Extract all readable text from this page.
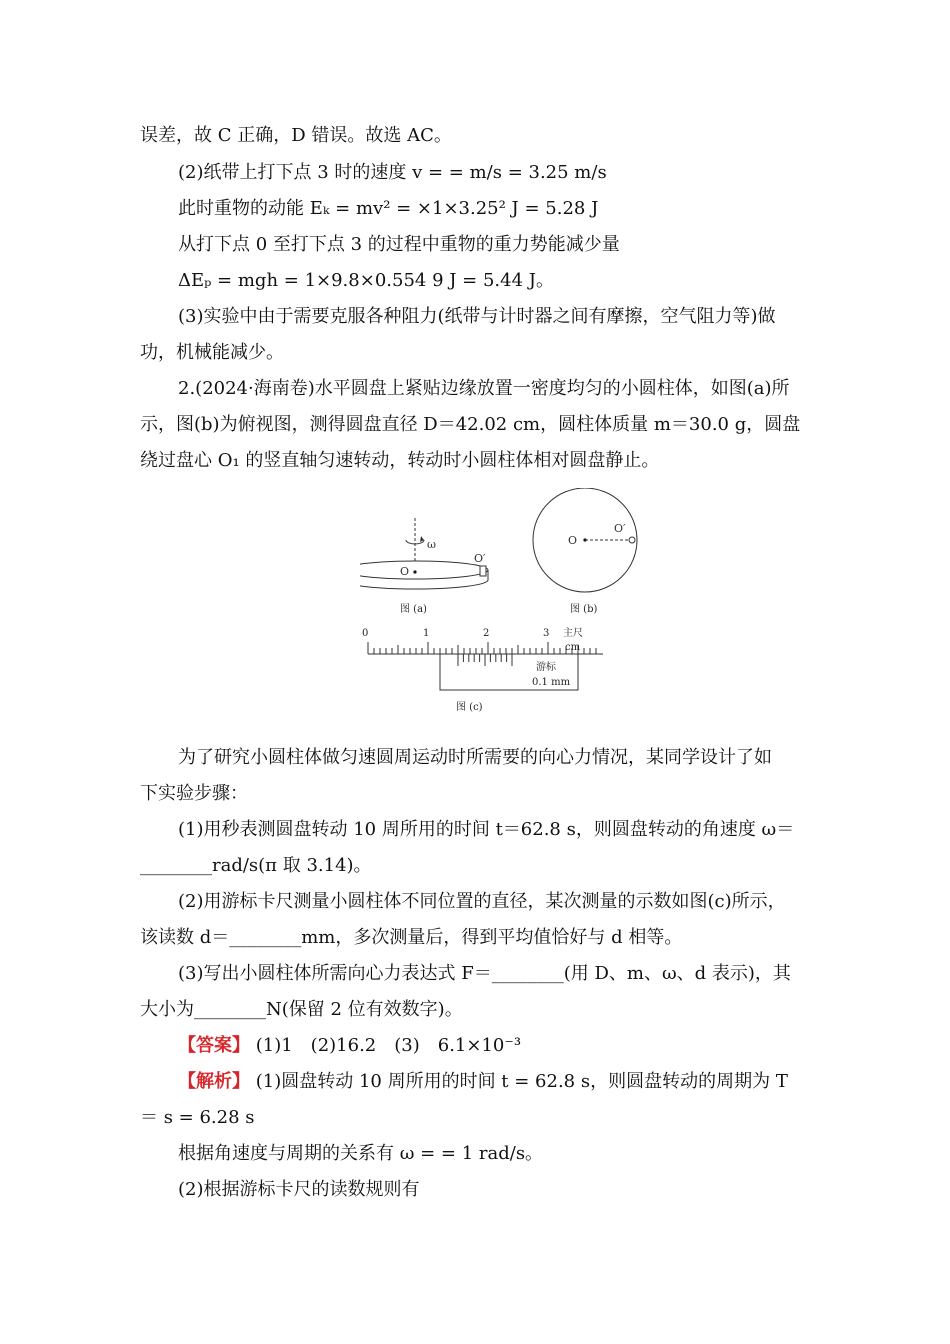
误差，故 C 正确，D 错误。故选 AC。
(2)纸带上打下点 3 时的速度 v = = m/s = 3.25 m/s
此时重物的动能 Eₖ = mv² = ×1×3.25² J = 5.28 J
从打下点 0 至打下点 3 的过程中重物的重力势能减少量
ΔEₚ = mgh = 1×9.8×0.554 9 J = 5.44 J。
(3)实验中由于需要克服各种阻力(纸带与计时器之间有摩擦，空气阻力等)做
功，机械能减少。
2.(2024·海南卷)水平圆盘上紧贴边缘放置一密度均匀的小圆柱体，如图(a)所
示，图(b)为俯视图，测得圆盘直径 D＝42.02 cm，圆柱体质量 m＝30.0 g，圆盘
绕过盘心 O₁ 的竖直轴匀速转动，转动时小圆柱体相对圆盘静止。
ω
O
O′
图 (a)
O
O′
图 (b)
0	1	2	3 主尺
cm
游标
0.1 mm
图 (c)
为了研究小圆柱体做匀速圆周运动时所需要的向心力情况，某同学设计了如
下实验步骤：
(1)用秒表测圆盘转动 10 周所用的时间 t＝62.8 s，则圆盘转动的角速度 ω＝
________rad/s(π 取 3.14)。
(2)用游标卡尺测量小圆柱体不同位置的直径，某次测量的示数如图(c)所示，
该读数 d＝________mm，多次测量后，得到平均值恰好与 d 相等。
(3)写出小圆柱体所需向心力表达式 F＝________(用 D、m、ω、d 表示)，其
大小为________N(保留 2 位有效数字)。
【答案】 (1)1　(2)16.2　(3)　6.1×10⁻³
【解析】 (1)圆盘转动 10 周所用的时间 t = 62.8 s，则圆盘转动的周期为 T
＝ s = 6.28 s
根据角速度与周期的关系有 ω = = 1 rad/s。
(2)根据游标卡尺的读数规则有
